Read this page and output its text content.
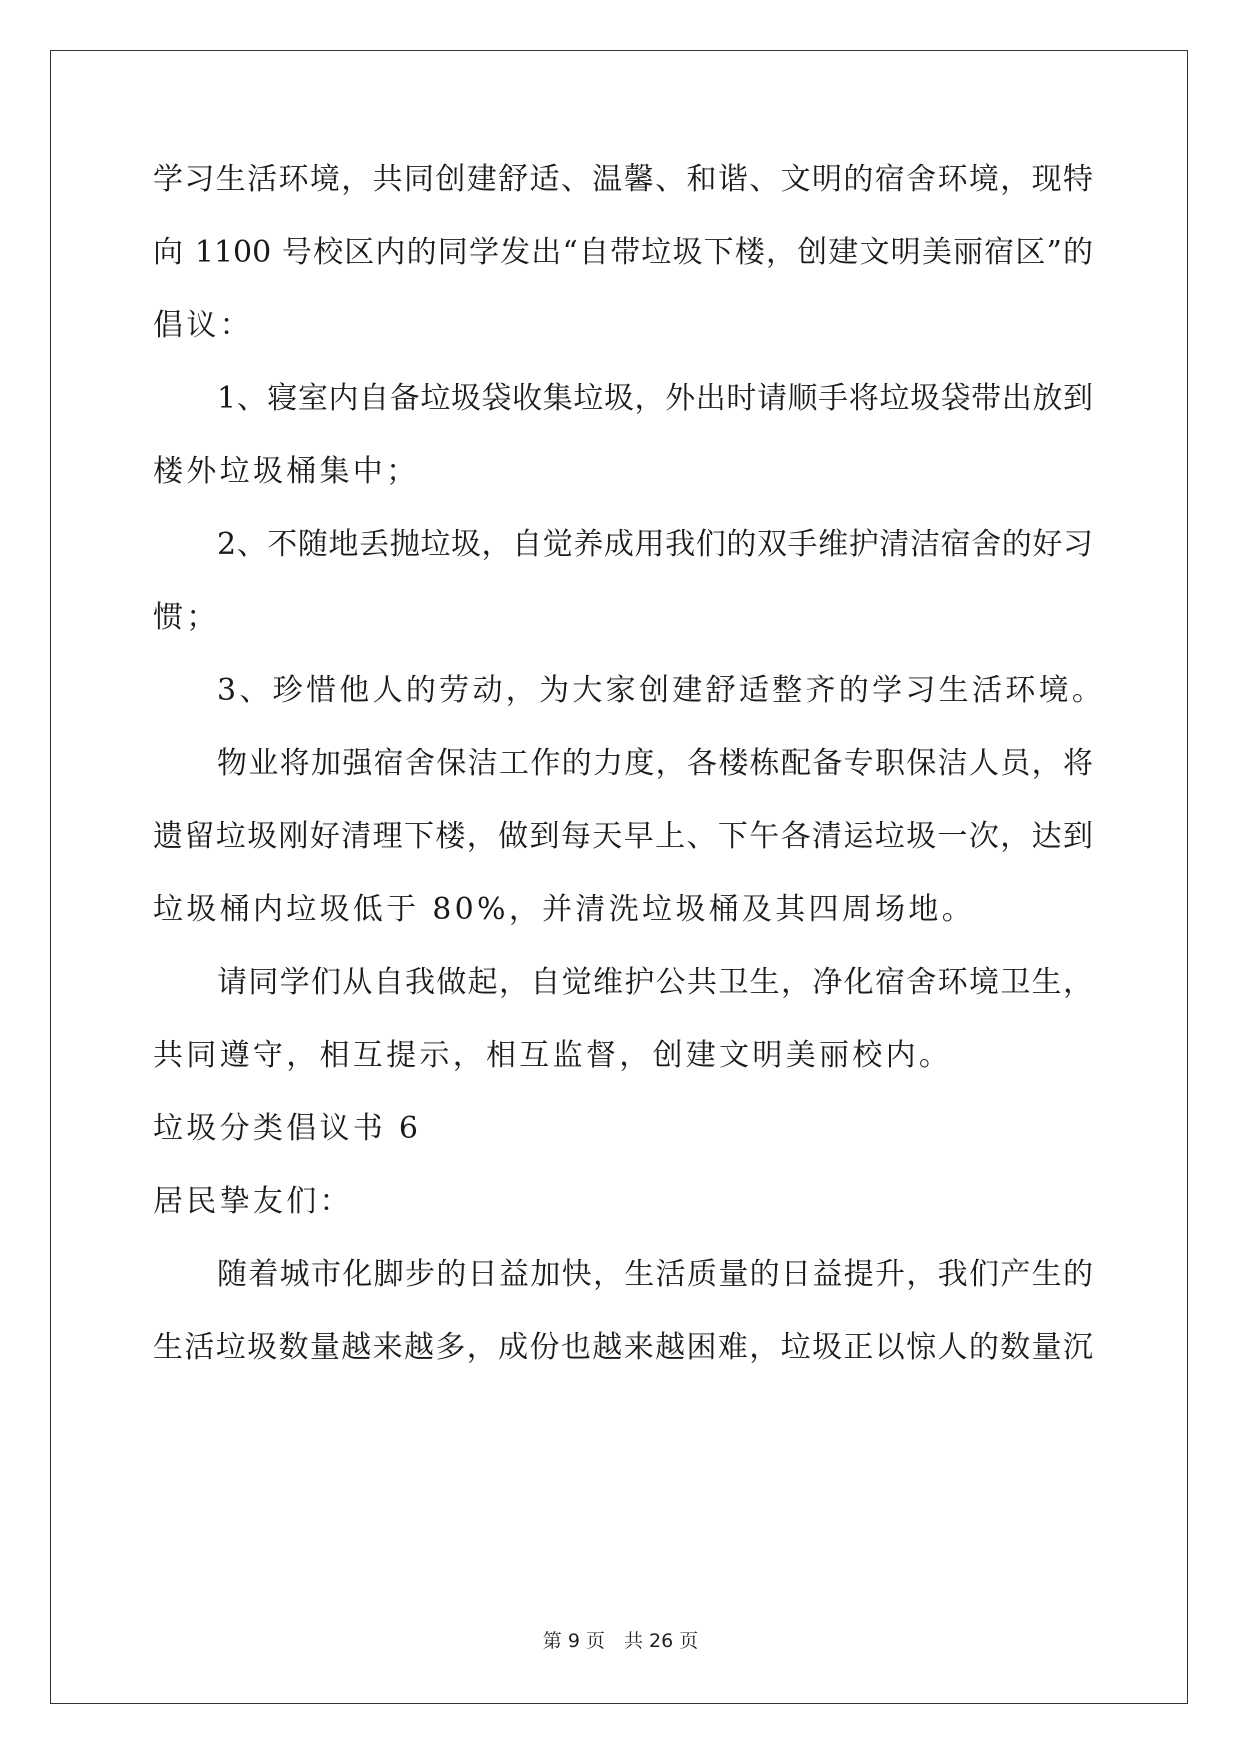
学习生活环境，共同创建舒适、温馨、和谐、文明的宿舍环境，现特
向 1100 号校区内的同学发出“自带垃圾下楼，创建文明美丽宿区”的
倡议：
1、寝室内自备垃圾袋收集垃圾，外出时请顺手将垃圾袋带出放到
楼外垃圾桶集中；
2、不随地丢抛垃圾，自觉养成用我们的双手维护清洁宿舍的好习
惯；
3、珍惜他人的劳动，为大家创建舒适整齐的学习生活环境。
物业将加强宿舍保洁工作的力度，各楼栋配备专职保洁人员，将
遗留垃圾刚好清理下楼，做到每天早上、下午各清运垃圾一次，达到
垃圾桶内垃圾低于 80%，并清洗垃圾桶及其四周场地。
请同学们从自我做起，自觉维护公共卫生，净化宿舍环境卫生，
共同遵守，相互提示，相互监督，创建文明美丽校内。
垃圾分类倡议书 6
居民挚友们：
随着城市化脚步的日益加快，生活质量的日益提升，我们产生的
生活垃圾数量越来越多，成份也越来越困难，垃圾正以惊人的数量沉
第 9 页　共 26 页
